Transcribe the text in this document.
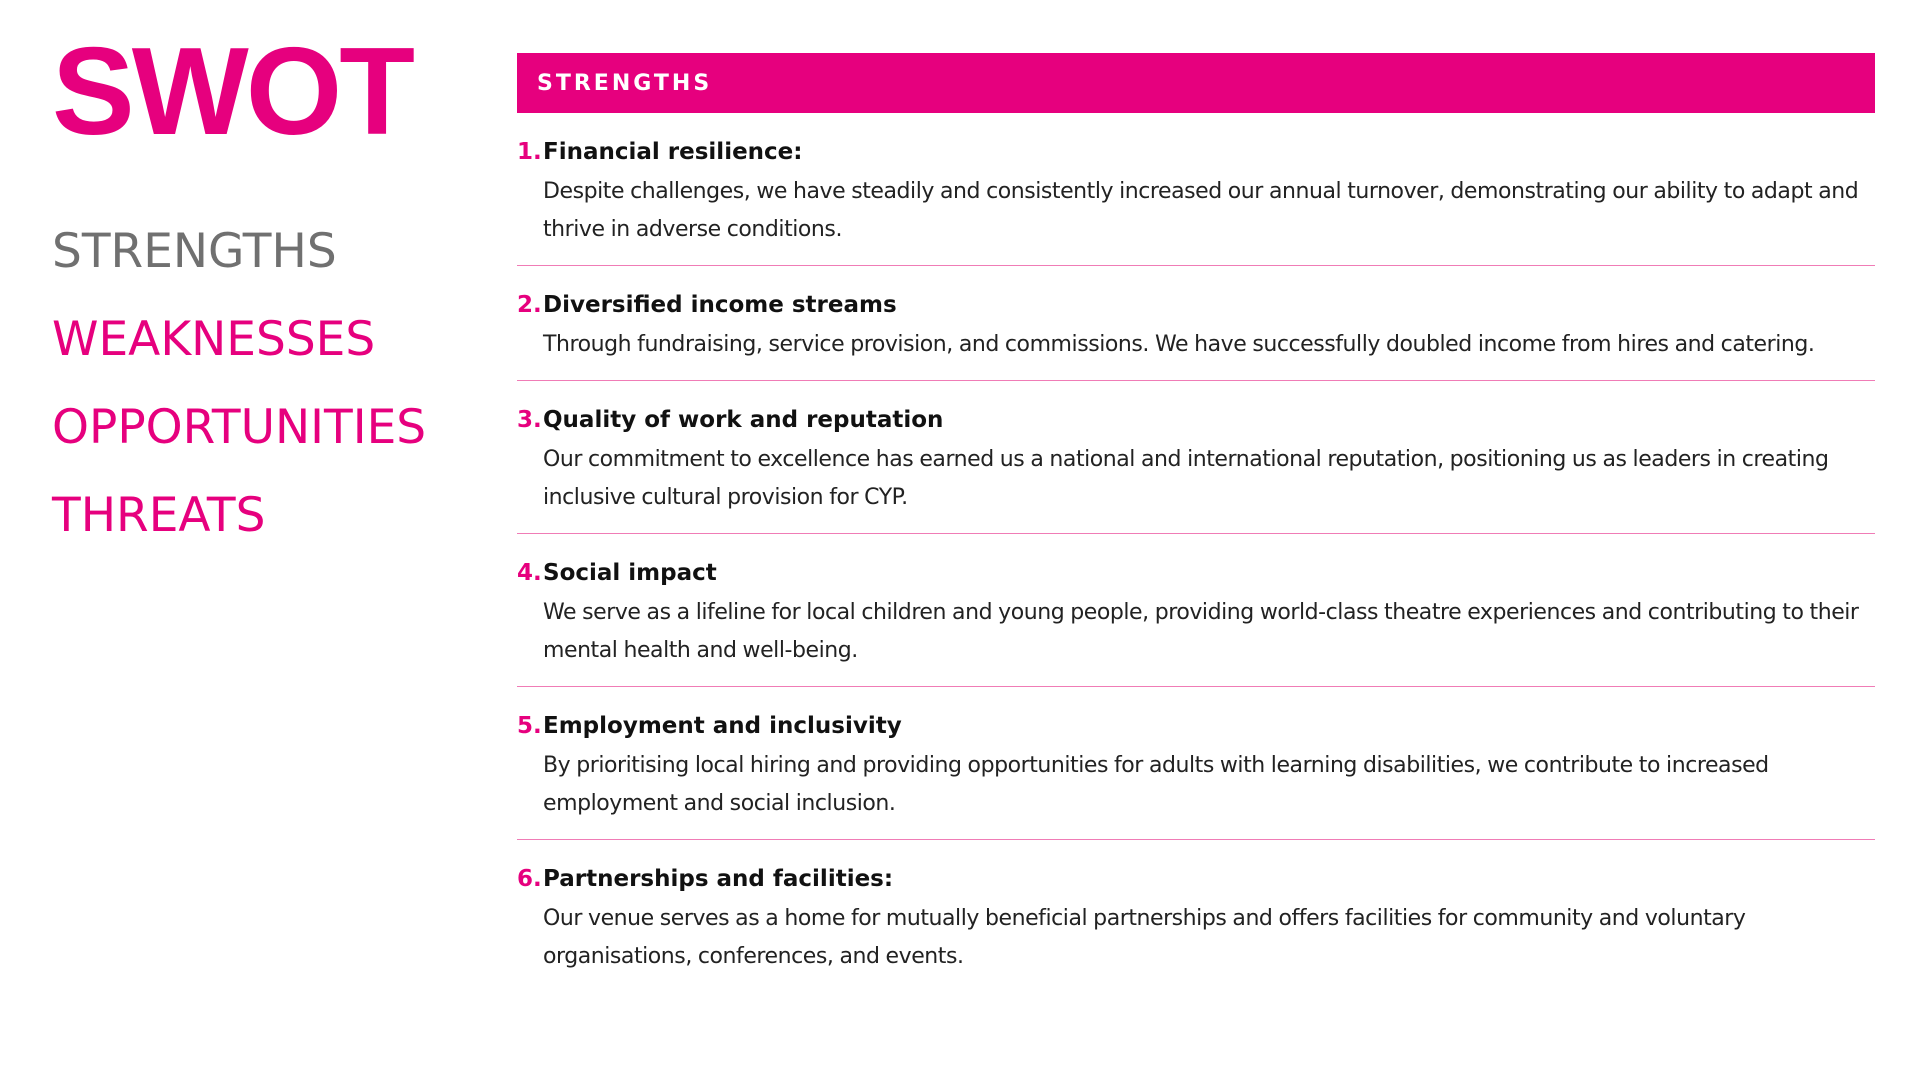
SWOT
STRENGTHS
WEAKNESSES
OPPORTUNITIES
THREATS
STRENGTHS
1. Financial resilience:

Despite challenges, we have steadily and consistently increased our annual turnover, demonstrating our ability to adapt and thrive in adverse conditions.

2. Diversified income streams

Through fundraising, service provision, and commissions. We have successfully doubled income from hires and catering.

3. Quality of work and reputation

Our commitment to excellence has earned us a national and international reputation, positioning us as leaders in creating inclusive cultural provision for CYP.

4. Social impact

We serve as a lifeline for local children and young people, providing world-class theatre experiences and contributing to their mental health and well-being.

5. Employment and inclusivity

By prioritising local hiring and providing opportunities for adults with learning disabilities, we contribute to increased employment and social inclusion.

6. Partnerships and facilities:

Our venue serves as a home for mutually beneficial partnerships and offers facilities for community and voluntary organisations, conferences, and events.
